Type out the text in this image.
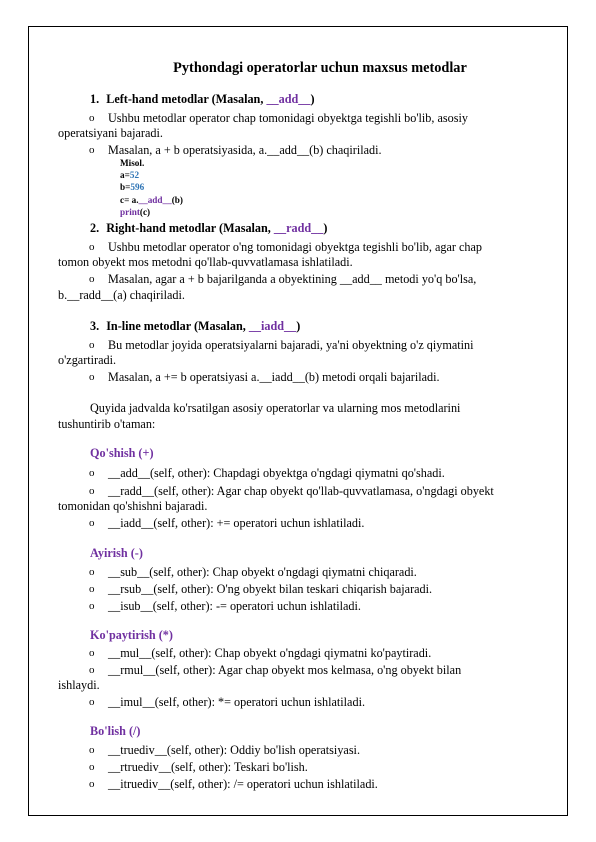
Pythondagi operatorlar uchun maxsus metodlar
1. Left-hand metodlar (Masalan, __add__)
o Ushbu metodlar operator chap tomonidagi obyektga tegishli bo'lib, asosiy
operatsiyani bajaradi.
o Masalan, a + b operatsiyasida, a.__add__(b) chaqiriladi.
Misol.
a=52
b=596
c= a.__add__(b)
print(c)
2. Right-hand metodlar (Masalan, __radd__)
o Ushbu metodlar operator o'ng tomonidagi obyektga tegishli bo'lib, agar chap
tomon obyekt mos metodni qo'llab-quvvatlamasa ishlatiladi.
o Masalan, agar a + b bajarilganda a obyektining __add__ metodi yo'q bo'lsa,
b.__radd__(a) chaqiriladi.
3. In-line metodlar (Masalan, __iadd__)
o Bu metodlar joyida operatsiyalarni bajaradi, ya'ni obyektning o'z qiymatini
o'zgartiradi.
o Masalan, a += b operatsiyasi a.__iadd__(b) metodi orqali bajariladi.
Quyida jadvalda ko'rsatilgan asosiy operatorlar va ularning mos metodlarini
tushuntirib o'taman:
Qo'shish (+)
o __add__(self, other): Chapdagi obyektga o'ngdagi qiymatni qo'shadi.
o __radd__(self, other): Agar chap obyekt qo'llab-quvvatlamasa, o'ngdagi obyekt
tomonidan qo'shishni bajaradi.
o __iadd__(self, other): += operatori uchun ishlatiladi.
Ayirish (-)
o __sub__(self, other): Chap obyekt o'ngdagi qiymatni chiqaradi.
o __rsub__(self, other): O'ng obyekt bilan teskari chiqarish bajaradi.
o __isub__(self, other): -= operatori uchun ishlatiladi.
Ko'paytirish (*)
o __mul__(self, other): Chap obyekt o'ngdagi qiymatni ko'paytiradi.
o __rmul__(self, other): Agar chap obyekt mos kelmasa, o'ng obyekt bilan
ishlaydi.
o __imul__(self, other): *= operatori uchun ishlatiladi.
Bo'lish (/)
o __truediv__(self, other): Oddiy bo'lish operatsiyasi.
o __rtruediv__(self, other): Teskari bo'lish.
o __itruediv__(self, other): /= operatori uchun ishlatiladi.
